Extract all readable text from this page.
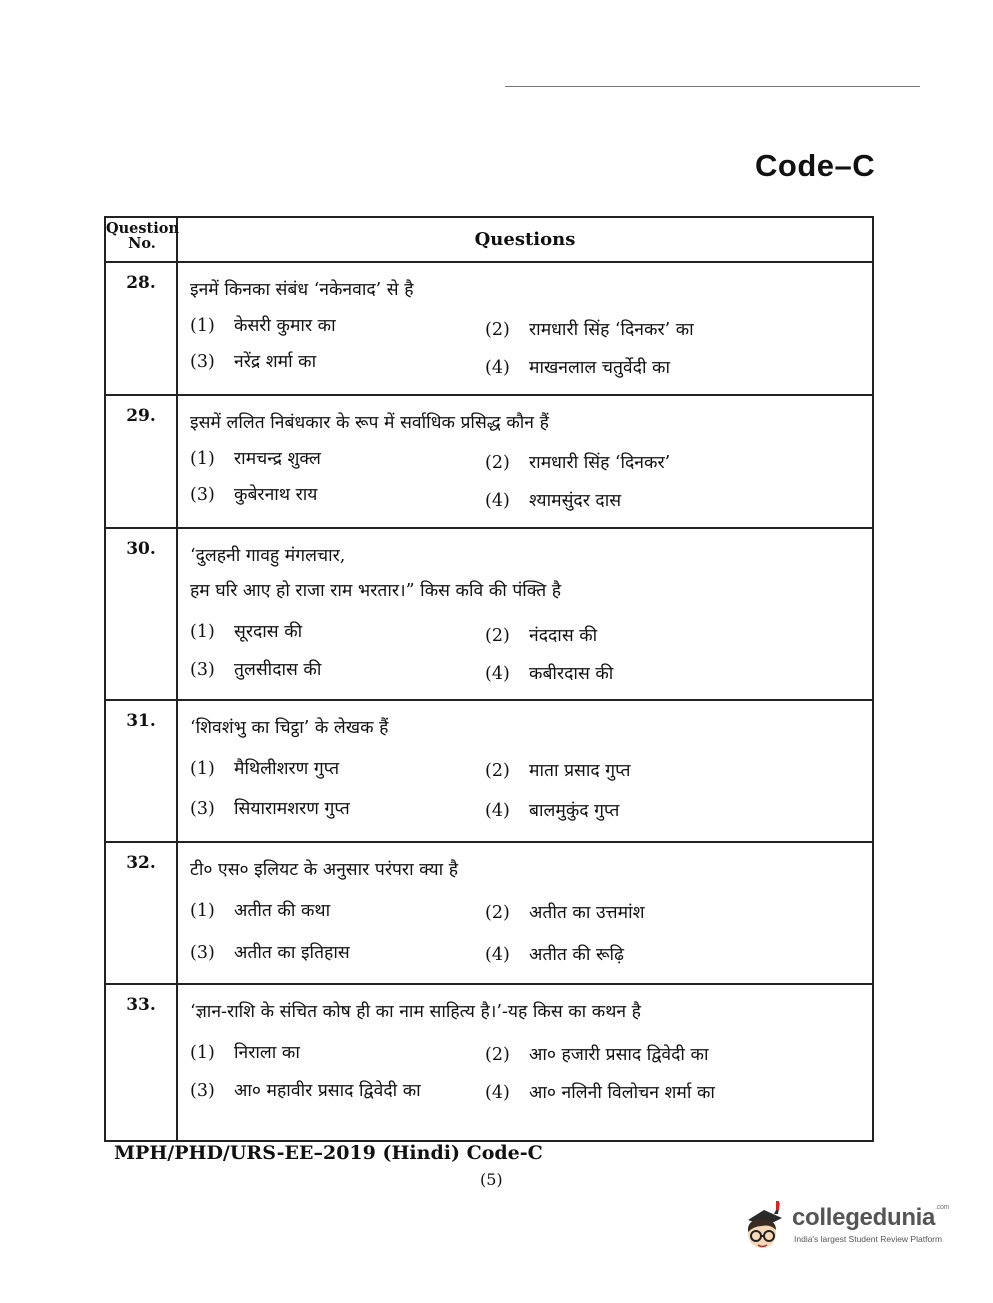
Code–C
Question
No.	Questions
28.	इनमें किनका संबंध ‘नकेनवाद’ से है
(1) केसरी कुमार का	(2) रामधारी सिंह ‘दिनकर’ का
(3) नरेंद्र शर्मा का	(4) माखनलाल चतुर्वेदी का
29.	इसमें ललित निबंधकार के रूप में सर्वाधिक प्रसिद्ध कौन हैं
(1) रामचन्द्र शुक्ल	(2) रामधारी सिंह ‘दिनकर’
(3) कुबेरनाथ राय	(4) श्यामसुंदर दास
30.	‘दुलहनी गावहु मंगलचार,
हम घरि आए हो राजा राम भरतार।” किस कवि की पंक्ति है
(1) सूरदास की	(2) नंददास की
(3) तुलसीदास की	(4) कबीरदास की
31.	‘शिवशंभु का चिट्ठा’ के लेखक हैं
(1) मैथिलीशरण गुप्त	(2) माता प्रसाद गुप्त
(3) सियारामशरण गुप्त	(4) बालमुकुंद गुप्त
32.	टी० एस० इलियट के अनुसार परंपरा क्या है
(1) अतीत की कथा	(2) अतीत का उत्तमांश
(3) अतीत का इतिहास	(4) अतीत की रूढ़ि
33.	‘ज्ञान-राशि के संचित कोष ही का नाम साहित्य है।’-यह किस का कथन है
(1) निराला का	(2) आ० हजारी प्रसाद द्विवेदी का
(3) आ० महावीर प्रसाद द्विवेदी का	(4) आ० नलिनी विलोचन शर्मा का
MPH/PHD/URS-EE–2019 (Hindi) Code-C
(5)
collegedunia$^{.com}$
India's largest Student Review Platform
